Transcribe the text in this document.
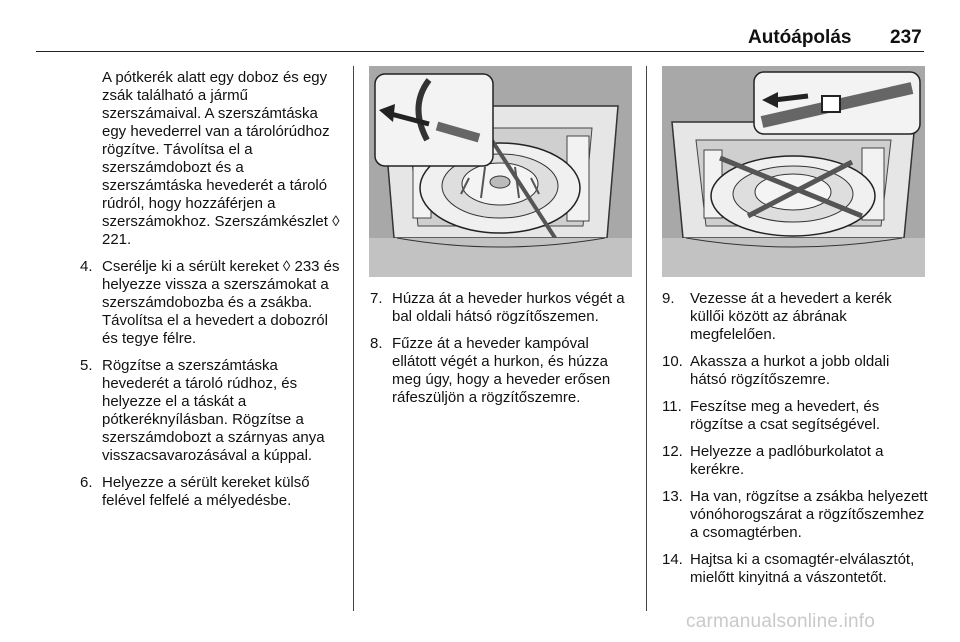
Autóápolás 237
A pótkerék alatt egy doboz és egy zsák található a jármű szerszámaival. A szerszámtáska egy hevederrel van a tárolórúdhoz rögzítve. Távolítsa el a szerszámdobozt és a szerszámtáska hevederét a tároló rúdról, hogy hozzáférjen a szerszámokhoz. Szerszámkészlet ◊ 221.
4. Cserélje ki a sérült kereket ◊ 233 és helyezze vissza a szerszámokat a szerszámdobozba és a zsákba. Távolítsa el a hevedert a dobozról és tegye félre.
5. Rögzítse a szerszámtáska hevederét a tároló rúdhoz, és helyezze el a táskát a pótkeréknyílásban. Rögzítse a szerszámdobozt a szárnyas anya visszacsavarozásával a kúppal.
6. Helyezze a sérült kereket külső felével felfelé a mélyedésbe.
7. Húzza át a heveder hurkos végét a bal oldali hátsó rögzítőszemen.
8. Fűzze át a heveder kampóval ellátott végét a hurkon, és húzza meg úgy, hogy a heveder erősen ráfeszüljön a rögzítőszemre.
9.	Vezesse át a hevedert a kerék küllői között az ábrának megfelelően.
10. Akassza a hurkot a jobb oldali hátsó rögzítőszemre.
11. Feszítse meg a hevedert, és rögzítse a csat segítségével.
12. Helyezze a padlóburkolatot a kerékre.
13. Ha van, rögzítse a zsákba helyezett vónóhorogszárat a rögzítőszemhez a csomagtérben.
14. Hajtsa ki a csomagtér-elválasztót, mielőtt kinyitná a vászontetőt.
carmanualsonline.info
